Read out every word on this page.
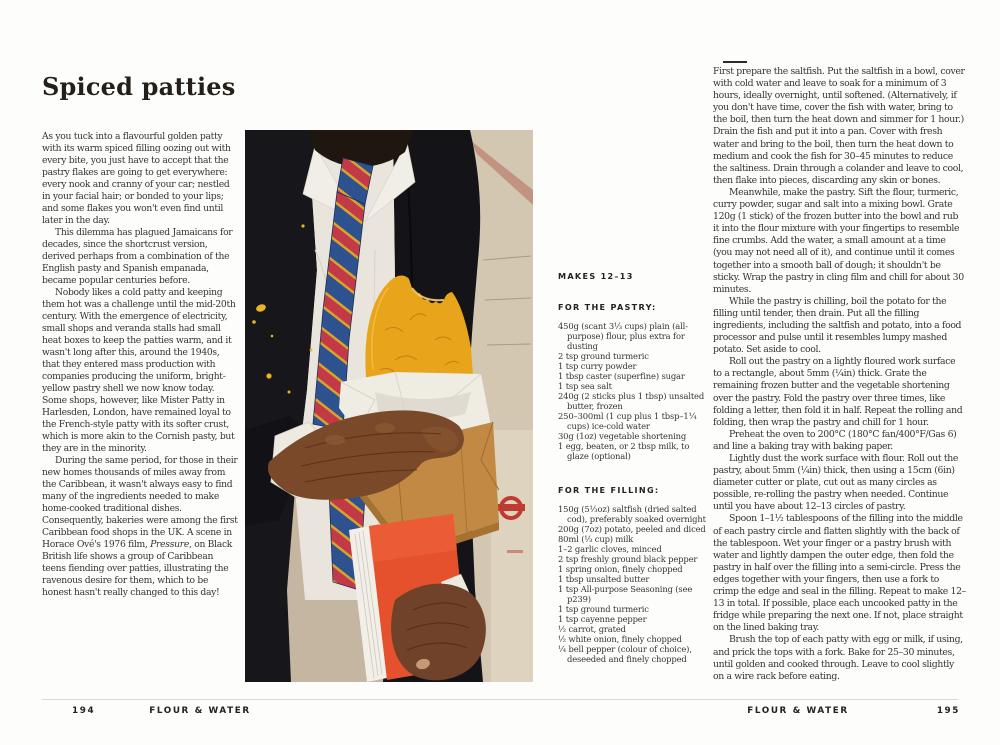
Spiced patties

As you tuck into a flavourful golden patty with its warm spiced filling oozing out with every bite, you just have to accept that the pastry flakes are going to get everywhere: every nook and cranny of your car; nestled in your facial hair; or bonded to your lips; and some flakes you won't even find until later in the day.

This dilemma has plagued Jamaicans for decades, since the shortcrust version, derived perhaps from a combination of the English pasty and Spanish empanada, became popular centuries before.

Nobody likes a cold patty and keeping them hot was a challenge until the mid-20th century. With the emergence of electricity, small shops and veranda stalls had small heat boxes to keep the patties warm, and it wasn't long after this, around the 1940s, that they entered mass production with companies producing the uniform, bright-yellow pastry shell we now know today. Some shops, however, like Mister Patty in Harlesden, London, have remained loyal to the French-style patty with its softer crust, which is more akin to the Cornish pasty, but they are in the minority.

During the same period, for those in their new homes thousands of miles away from the Caribbean, it wasn't always easy to find many of the ingredients needed to make home-cooked traditional dishes. Consequently, bakeries were among the first Caribbean food shops in the UK. A scene in Horace Ové's 1976 film, Pressure, on Black British life shows a group of Caribbean teens fiending over patties, illustrating the ravenous desire for them, which to be honest hasn't really changed to this day!

MAKES 12–13
FOR THE PASTRY:
450g (scant 3⅓ cups) plain (all-purpose) flour, plus extra for dusting
2 tsp ground turmeric
1 tsp curry powder
1 tbsp caster (superfine) sugar
1 tsp sea salt
240g (2 sticks plus 1 tbsp) unsalted butter, frozen
250–300ml (1 cup plus 1 tbsp–1¼ cups) ice-cold water
30g (1oz) vegetable shortening
1 egg, beaten, or 2 tbsp milk, to glaze (optional)
FOR THE FILLING:
150g (5⅓oz) saltfish (dried salted cod), preferably soaked overnight
200g (7oz) potato, peeled and diced
80ml (⅓ cup) milk
1–2 garlic cloves, minced
2 tsp freshly ground black pepper
1 spring onion, finely chopped
1 tbsp unsalted butter
1 tsp All-purpose Seasoning (see p239)
1 tsp ground turmeric
1 tsp cayenne pepper
½ carrot, grated
½ white onion, finely chopped
¼ bell pepper (colour of choice), deseeded and finely chopped

First prepare the saltfish. Put the saltfish in a bowl, cover with cold water and leave to soak for a minimum of 3 hours, ideally overnight, until softened. (Alternatively, if you don't have time, cover the fish with water, bring to the boil, then turn the heat down and simmer for 1 hour.) Drain the fish and put it into a pan. Cover with fresh water and bring to the boil, then turn the heat down to medium and cook the fish for 30–45 minutes to reduce the saltiness. Drain through a colander and leave to cool, then flake into pieces, discarding any skin or bones.

Meanwhile, make the pastry. Sift the flour, turmeric, curry powder, sugar and salt into a mixing bowl. Grate 120g (1 stick) of the frozen butter into the bowl and rub it into the flour mixture with your fingertips to resemble fine crumbs. Add the water, a small amount at a time (you may not need all of it), and continue until it comes together into a smooth ball of dough; it shouldn't be sticky. Wrap the pastry in cling film and chill for about 30 minutes.

While the pastry is chilling, boil the potato for the filling until tender, then drain. Put all the filling ingredients, including the saltfish and potato, into a food processor and pulse until it resembles lumpy mashed potato. Set aside to cool.

Roll out the pastry on a lightly floured work surface to a rectangle, about 5mm (¼in) thick. Grate the remaining frozen butter and the vegetable shortening over the pastry. Fold the pastry over three times, like folding a letter, then fold it in half. Repeat the rolling and folding, then wrap the pastry and chill for 1 hour.

Preheat the oven to 200°C (180°C fan/400°F/Gas 6) and line a baking tray with baking paper.

Lightly dust the work surface with flour. Roll out the pastry, about 5mm (¼in) thick, then using a 15cm (6in) diameter cutter or plate, cut out as many circles as possible, re-rolling the pastry when needed. Continue until you have about 12–13 circles of pastry.

Spoon 1–1½ tablespoons of the filling into the middle of each pastry circle and flatten slightly with the back of the tablespoon. Wet your finger or a pastry brush with water and lightly dampen the outer edge, then fold the pastry in half over the filling into a semi-circle. Press the edges together with your fingers, then use a fork to crimp the edge and seal in the filling. Repeat to make 12–13 in total. If possible, place each uncooked patty in the fridge while preparing the next one. If not, place straight on the lined baking tray.

Brush the top of each patty with egg or milk, if using, and prick the tops with a fork. Bake for 25–30 minutes, until golden and cooked through. Leave to cool slightly on a wire rack before eating.

194	FLOUR & WATER	FLOUR & WATER	195
